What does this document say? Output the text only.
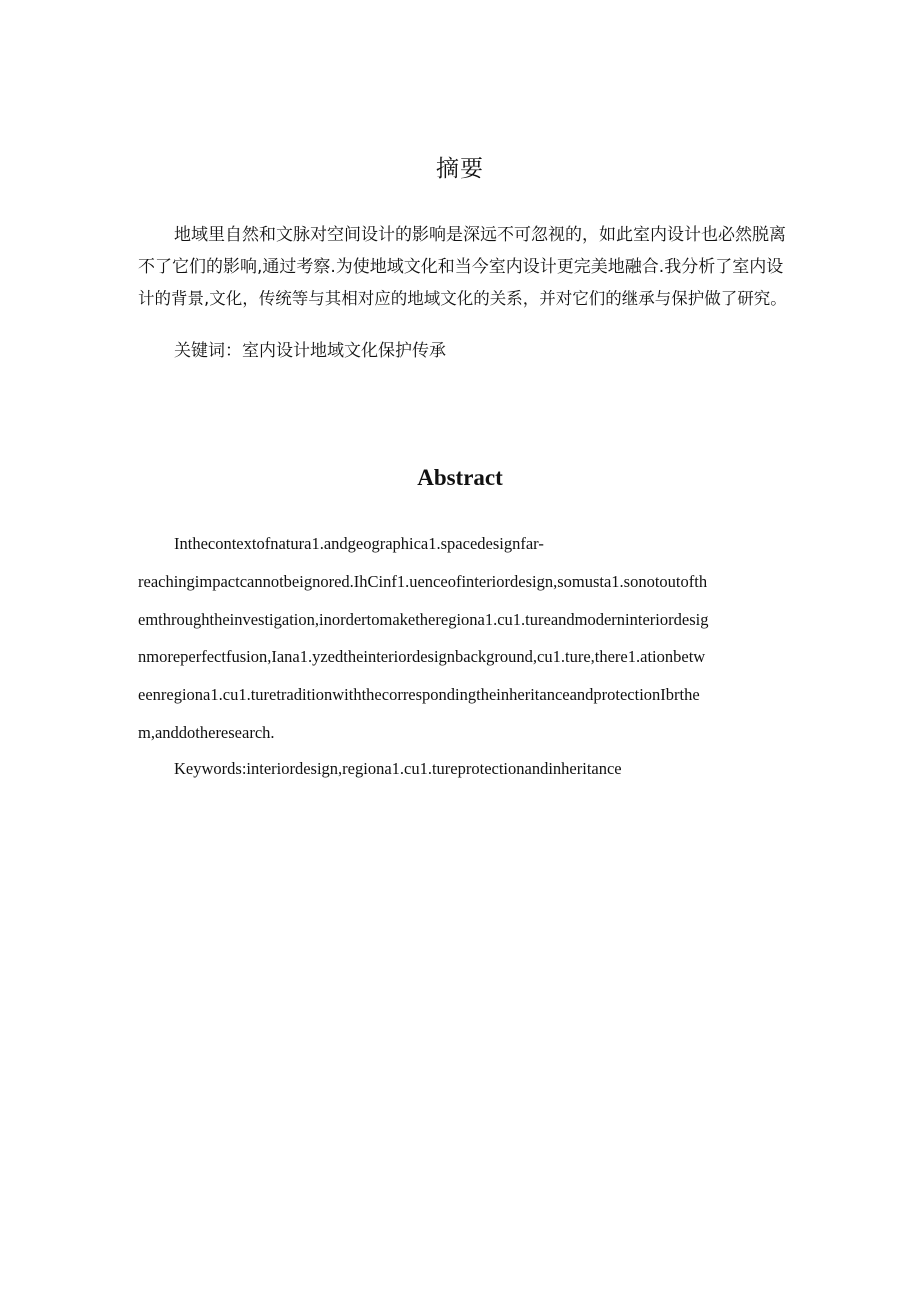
摘要
地域里自然和文脉对空间设计的影响是深远不可忽视的，如此室内设计也必然脱离
不了它们的影响,通过考察.为使地域文化和当今室内设计更完美地融合.我分析了室内设
计的背景,文化，传统等与其相对应的地域文化的关系，并对它们的继承与保护做了研究。
关键词：室内设计地域文化保护传承
Abstract
Inthecontextofnatura1.andgeographica1.spacedesignfar-
reachingimpactcannotbeignored.IhCinf1.uenceofinteriordesign,somusta1.sonotoutofth
emthroughtheinvestigation,inordertomaketheregiona1.cu1.tureandmoderninteriordesig
nmoreperfectfusion,Iana1.yzedtheinteriordesignbackground,cu1.ture,there1.ationbetw
eenregiona1.cu1.turetraditionwiththecorrespondingtheinheritanceandprotectionIbrthe
m,anddotheresearch.
Keywords:interiordesign,regiona1.cu1.tureprotectionandinheritance
